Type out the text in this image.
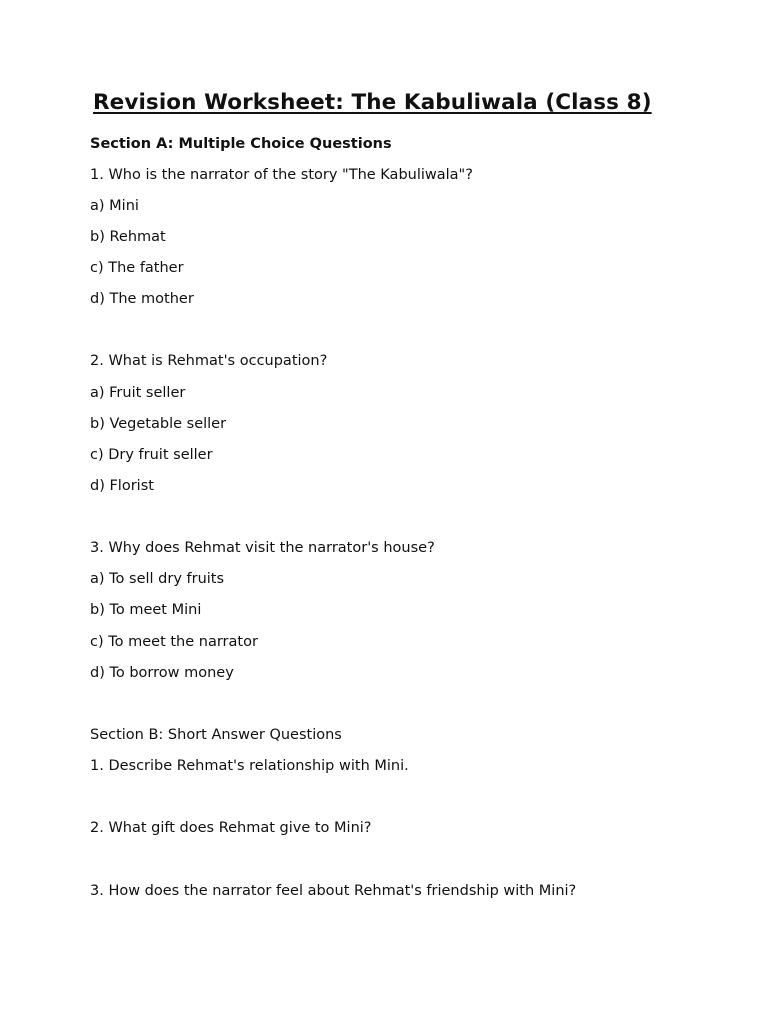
Revision Worksheet: The Kabuliwala (Class 8)
Section A: Multiple Choice Questions
1. Who is the narrator of the story "The Kabuliwala"?
a) Mini
b) Rehmat
c) The father
d) The mother
2. What is Rehmat's occupation?
a) Fruit seller
b) Vegetable seller
c) Dry fruit seller
d) Florist
3. Why does Rehmat visit the narrator's house?
a) To sell dry fruits
b) To meet Mini
c) To meet the narrator
d) To borrow money
Section B: Short Answer Questions
1. Describe Rehmat's relationship with Mini.
2. What gift does Rehmat give to Mini?
3. How does the narrator feel about Rehmat's friendship with Mini?
